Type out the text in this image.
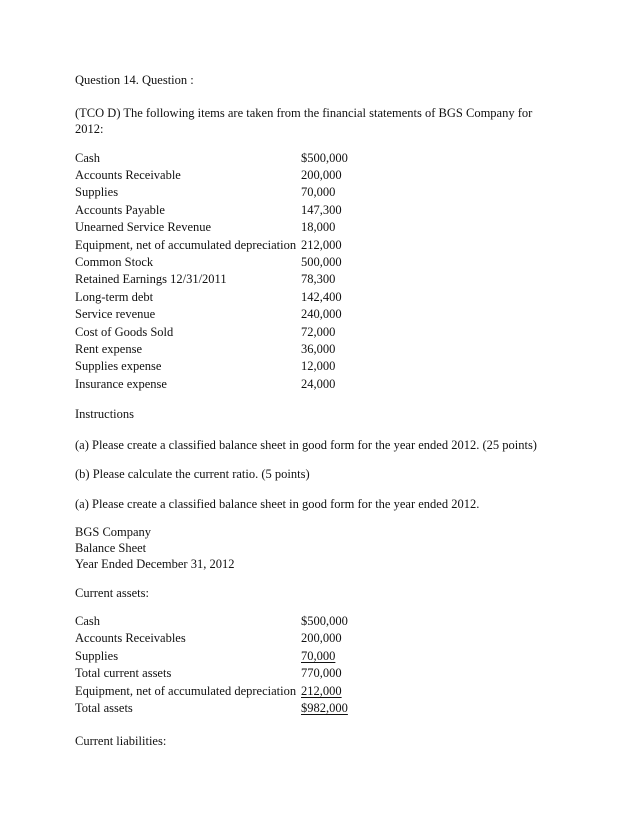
Question 14. Question :
(TCO D) The following items are taken from the financial statements of BGS Company for
2012:
Cash	$500,000
Accounts Receivable	200,000
Supplies	70,000
Accounts Payable	147,300
Unearned Service Revenue	18,000
Equipment, net of accumulated depreciation 212,000
Common Stock	500,000
Retained Earnings 12/31/2011	78,300
Long-term debt	142,400
Service revenue	240,000
Cost of Goods Sold	72,000
Rent expense	36,000
Supplies expense	12,000
Insurance expense	24,000
Instructions
(a) Please create a classified balance sheet in good form for the year ended 2012. (25 points)
(b) Please calculate the current ratio. (5 points)
(a) Please create a classified balance sheet in good form for the year ended 2012.
BGS Company
Balance Sheet
Year Ended December 31, 2012
Current assets:
Cash	$500,000
Accounts Receivables	200,000
Supplies	70,000
Total current assets	770,000
Equipment, net of accumulated depreciation 212,000
Total assets	$982,000
Current liabilities:
